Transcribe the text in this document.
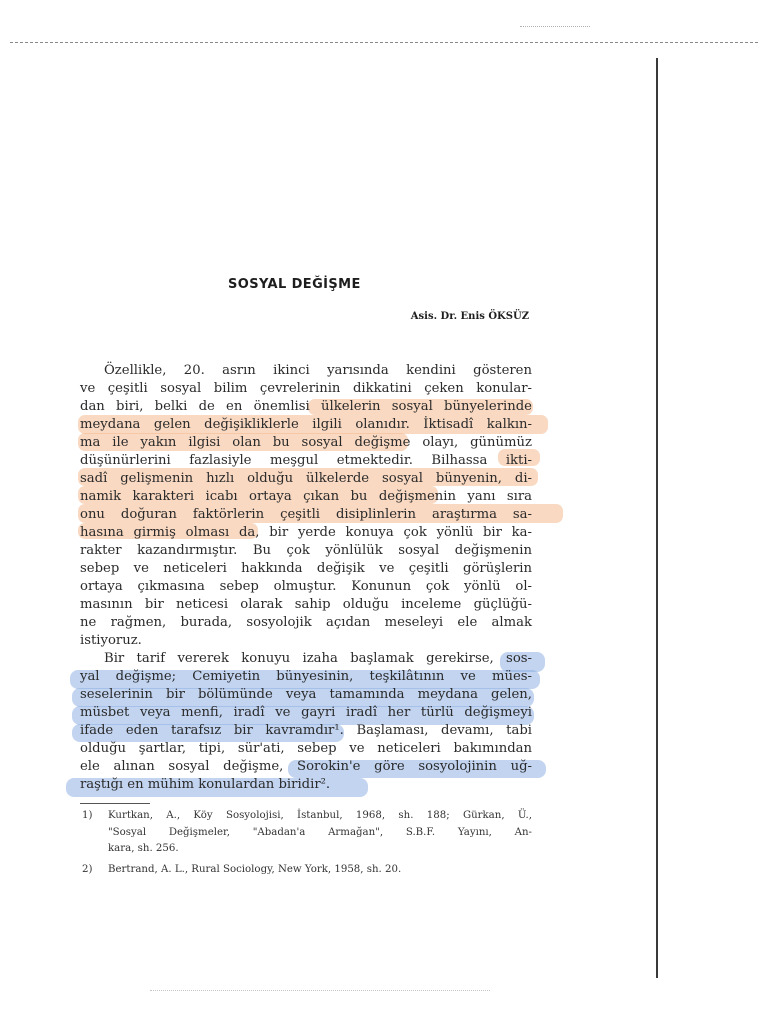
SOSYAL DEĞİŞME
Asis. Dr. Enis ÖKSÜZ
Özellikle, 20. asrın ikinci yarısında kendini gösteren
ve çeşitli sosyal bilim çevrelerinin dikkatini çeken konular-
dan biri, belki de en önemlisi ülkelerin sosyal bünyelerinde
meydana gelen değişikliklerle ilgili olanıdır. İktisadî kalkın-
ma ile yakın ilgisi olan bu sosyal değişme olayı, günümüz
düşünürlerini fazlasiyle meşgul etmektedir. Bilhassa ikti-
sadî gelişmenin hızlı olduğu ülkelerde sosyal bünyenin, di-
namik karakteri icabı ortaya çıkan bu değişmenin yanı sıra
onu doğuran faktörlerin çeşitli disiplinlerin araştırma sa-
hasına girmiş olması da, bir yerde konuya çok yönlü bir ka-
rakter kazandırmıştır. Bu çok yönlülük sosyal değişmenin
sebep ve neticeleri hakkında değişik ve çeşitli görüşlerin
ortaya çıkmasına sebep olmuştur. Konunun çok yönlü ol-
masının bir neticesi olarak sahip olduğu inceleme güçlüğü-
ne rağmen, burada, sosyolojik açıdan meseleyi ele almak
istiyoruz.
Bir tarif vererek konuyu izaha başlamak gerekirse, sos-
yal değişme; Cemiyetin bünyesinin, teşkilâtının ve mües-
seselerinin bir bölümünde veya tamamında meydana gelen,
müsbet veya menfi, iradî ve gayri iradî her türlü değişmeyi
ifade eden tarafsız bir kavramdır¹. Başlaması, devamı, tabi
olduğu şartlar, tipi, sür'ati, sebep ve neticeleri bakımından
ele alınan sosyal değişme, Sorokin'e göre sosyolojinin uğ-
raştığı en mühim konulardan biridir².
1) Kurtkan, A., Köy Sosyolojisi, İstanbul, 1968, sh. 188; Gürkan, Ü.,
"Sosyal Değişmeler, "Abadan'a Armağan", S.B.F. Yayını, An-
kara, sh. 256.
2) Bertrand, A. L., Rural Sociology, New York, 1958, sh. 20.
